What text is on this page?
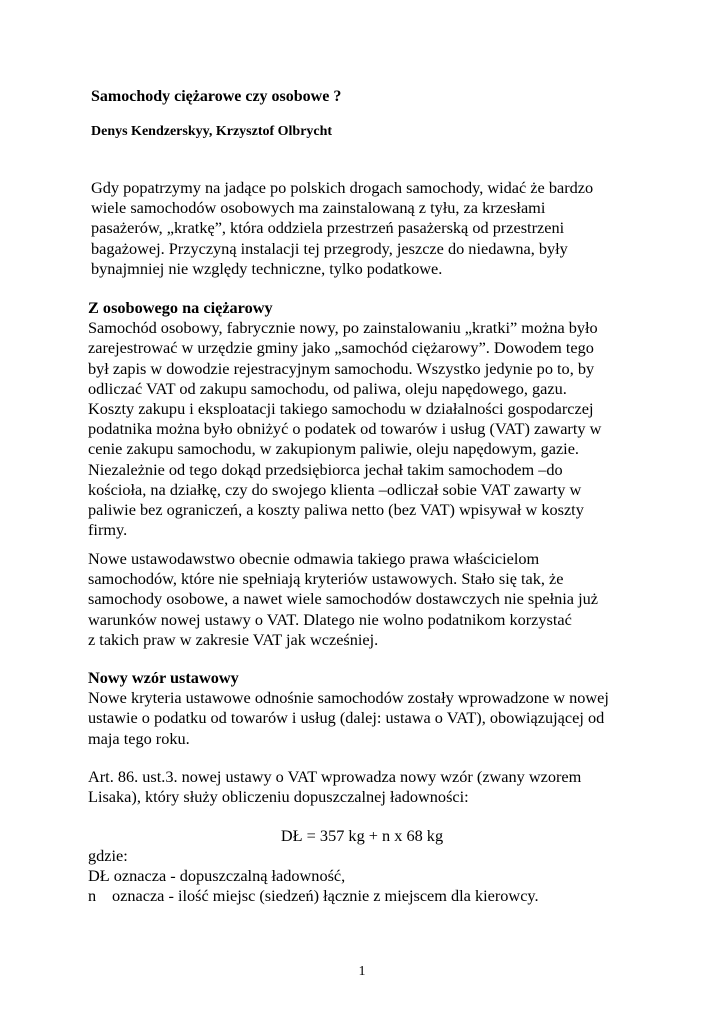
Samochody ciężarowe czy osobowe ?
Denys Kendzerskyy, Krzysztof Olbrycht
Gdy popatrzymy na jadące po polskich drogach samochody, widać że bardzo
wiele samochodów osobowych ma zainstalowaną z tyłu, za krzesłami
pasażerów, „kratkę”, która oddziela przestrzeń pasażerską od przestrzeni
bagażowej. Przyczyną instalacji tej przegrody, jeszcze do niedawna, były
bynajmniej nie względy techniczne, tylko podatkowe.
Z osobowego na ciężarowy
Samochód osobowy, fabrycznie nowy, po zainstalowaniu „kratki” można było
zarejestrować w urzędzie gminy jako „samochód ciężarowy”. Dowodem tego
był zapis w dowodzie rejestracyjnym samochodu. Wszystko jedynie po to, by
odliczać VAT od zakupu samochodu, od paliwa, oleju napędowego, gazu.
Koszty zakupu i eksploatacji takiego samochodu w działalności gospodarczej
podatnika można było obniżyć o podatek od towarów i usług (VAT) zawarty w
cenie zakupu samochodu, w zakupionym paliwie, oleju napędowym, gazie.
Niezależnie od tego dokąd przedsiębiorca jechał takim samochodem –do
kościoła, na działkę, czy do swojego klienta –odliczał sobie VAT zawarty w
paliwie bez ograniczeń, a koszty paliwa netto (bez VAT) wpisywał w koszty
firmy.
Nowe ustawodawstwo obecnie odmawia takiego prawa właścicielom
samochodów, które nie spełniają kryteriów ustawowych. Stało się tak, że
samochody osobowe, a nawet wiele samochodów dostawczych nie spełnia już
warunków nowej ustawy o VAT. Dlatego nie wolno podatnikom korzystać
z takich praw w zakresie VAT jak wcześniej.
Nowy wzór ustawowy
Nowe kryteria ustawowe odnośnie samochodów zostały wprowadzone w nowej
ustawie o podatku od towarów i usług (dalej: ustawa o VAT), obowiązującej od
maja tego roku.
Art. 86. ust.3. nowej ustawy o VAT wprowadza nowy wzór (zwany wzorem
Lisaka), który służy obliczeniu dopuszczalnej ładowności:
DŁ = 357 kg + n x 68 kg
gdzie:
DŁ oznacza - dopuszczalną ładowność,
n oznacza - ilość miejsc (siedzeń) łącznie z miejscem dla kierowcy.
1
